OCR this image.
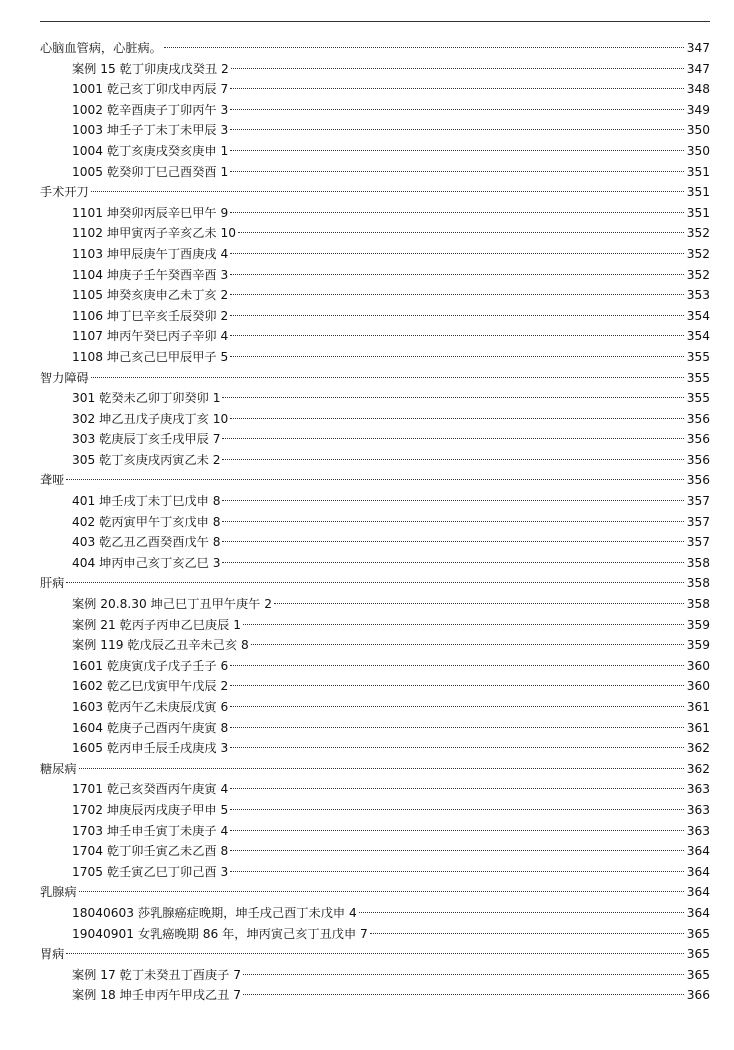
心脑血管病，心脏病。	347
案例 15 乾丁卯庚戌戊癸丑 2	347
1001 乾己亥丁卯戊申丙辰 7	348
1002 乾辛酉庚子丁卯丙午 3	349
1003 坤壬子丁未丁未甲辰 3	350
1004 乾丁亥庚戌癸亥庚申 1	350
1005 乾癸卯丁巳己酉癸酉 1	351
手术开刀	351
1101 坤癸卯丙辰辛巳甲午 9	351
1102 坤甲寅丙子辛亥乙未 10	352
1103 坤甲辰庚午丁酉庚戌 4	352
1104 坤庚子壬午癸酉辛酉 3	352
1105 坤癸亥庚申乙未丁亥 2	353
1106 坤丁巳辛亥壬辰癸卯 2	354
1107 坤丙午癸巳丙子辛卯 4	354
1108 坤己亥己巳甲辰甲子 5	355
智力障碍	355
301 乾癸未乙卯丁卯癸卯 1	355
302 坤乙丑戊子庚戌丁亥 10	356
303 乾庚辰丁亥壬戌甲辰 7	356
305 乾丁亥庚戌丙寅乙未 2	356
聋哑	356
401 坤壬戌丁未丁巳戊申 8	357
402 乾丙寅甲午丁亥戊申 8	357
403 乾乙丑乙酉癸酉戊午 8	357
404 坤丙申己亥丁亥乙巳 3	358
肝病	358
案例 20.8.30 坤己巳丁丑甲午庚午 2	358
案例 21 乾丙子丙申乙巳庚辰 1	359
案例 119 乾戊辰乙丑辛未己亥 8	359
1601 乾庚寅戊子戊子壬子 6	360
1602 乾乙巳戊寅甲午戊辰 2	360
1603 乾丙午乙未庚辰戊寅 6	361
1604 乾庚子己酉丙午庚寅 8	361
1605 乾丙申壬辰壬戌庚戌 3	362
糖尿病	362
1701 乾己亥癸酉丙午庚寅 4	363
1702 坤庚辰丙戌庚子甲申 5	363
1703 坤壬申壬寅丁未庚子 4	363
1704 乾丁卯壬寅乙未乙酉 8	364
1705 乾壬寅乙巳丁卯己酉 3	364
乳腺病	364
18040603 莎乳腺癌症晚期，坤壬戌己酉丁未戊申 4	364
19040901 女乳癌晚期 86 年，坤丙寅己亥丁丑戊申 7	365
胃病	365
案例 17 乾丁未癸丑丁酉庚子 7	365
案例 18 坤壬申丙午甲戌乙丑 7	366
